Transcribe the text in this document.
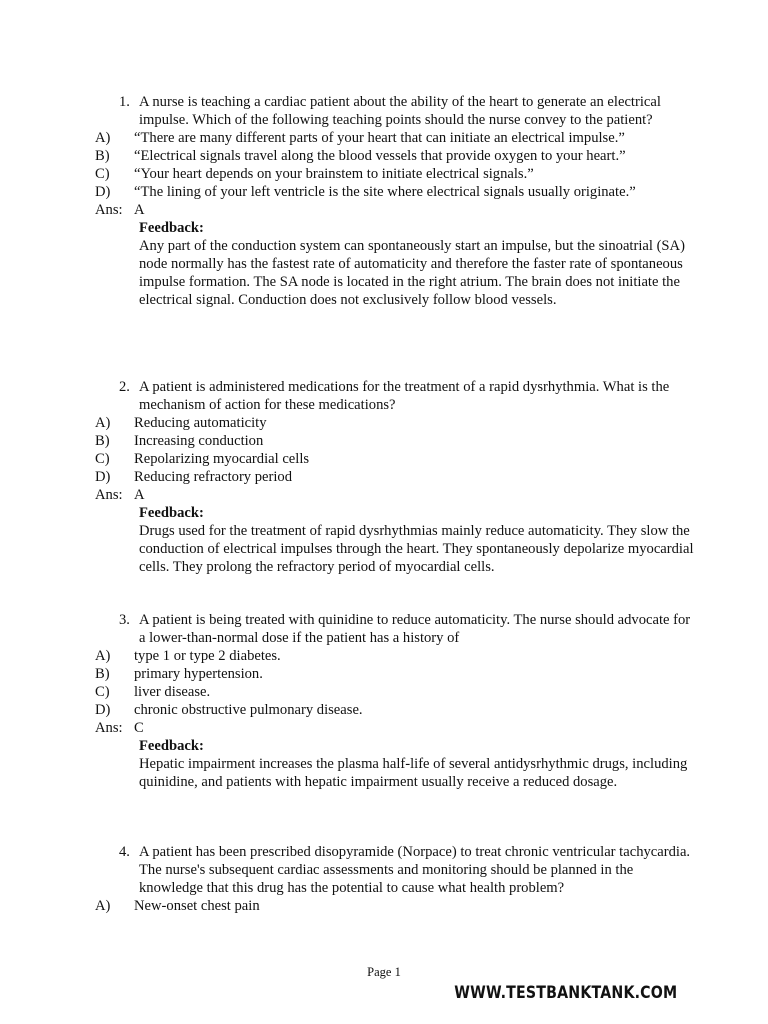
1. A nurse is teaching a cardiac patient about the ability of the heart to generate an electrical impulse. Which of the following teaching points should the nurse convey to the patient?
A) “There are many different parts of your heart that can initiate an electrical impulse.”
B) “Electrical signals travel along the blood vessels that provide oxygen to your heart.”
C) “Your heart depends on your brainstem to initiate electrical signals.”
D) “The lining of your left ventricle is the site where electrical signals usually originate.”
Ans: A
Feedback:
Any part of the conduction system can spontaneously start an impulse, but the sinoatrial (SA) node normally has the fastest rate of automaticity and therefore the faster rate of spontaneous impulse formation. The SA node is located in the right atrium. The brain does not initiate the electrical signal. Conduction does not exclusively follow blood vessels.
2. A patient is administered medications for the treatment of a rapid dysrhythmia. What is the mechanism of action for these medications?
A) Reducing automaticity
B) Increasing conduction
C) Repolarizing myocardial cells
D) Reducing refractory period
Ans: A
Feedback:
Drugs used for the treatment of rapid dysrhythmias mainly reduce automaticity. They slow the conduction of electrical impulses through the heart. They spontaneously depolarize myocardial cells. They prolong the refractory period of myocardial cells.
3. A patient is being treated with quinidine to reduce automaticity. The nurse should advocate for a lower-than-normal dose if the patient has a history of
A) type 1 or type 2 diabetes.
B) primary hypertension.
C) liver disease.
D) chronic obstructive pulmonary disease.
Ans: C
Feedback:
Hepatic impairment increases the plasma half-life of several antidysrhythmic drugs, including quinidine, and patients with hepatic impairment usually receive a reduced dosage.
4. A patient has been prescribed disopyramide (Norpace) to treat chronic ventricular tachycardia. The nurse's subsequent cardiac assessments and monitoring should be planned in the knowledge that this drug has the potential to cause what health problem?
A) New-onset chest pain
Page 1
WWW.TESTBANKTANK.COM
